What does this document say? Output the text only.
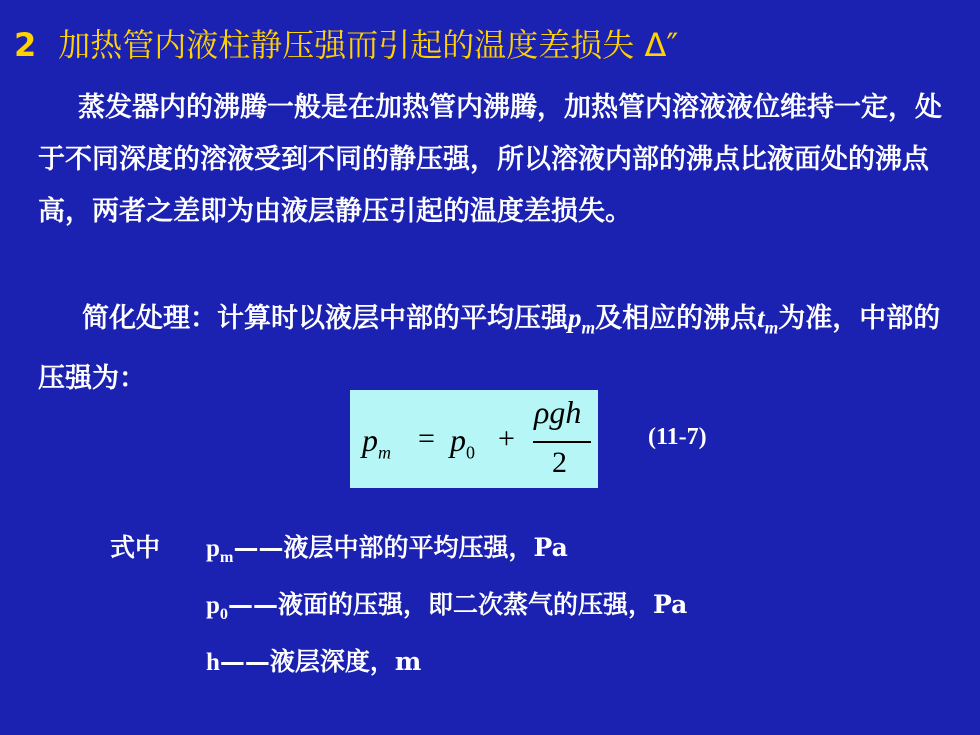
2 加热管内液柱静压强而引起的温度差损失 Δ″
蒸发器内的沸腾一般是在加热管内沸腾，加热管内溶液液位维持一定，处于不同深度的溶液受到不同的静压强，所以溶液内部的沸点比液面处的沸点高，两者之差即为由液层静压引起的温度差损失。
简化处理：计算时以液层中部的平均压强$p_m$及相应的沸点$t_m$为准，中部的压强为：
$p_m = p_0$ +
ρgh
2
(11-7)
式中 $p_m——$液层中部的平均压强，Pa
$p_0——$液面的压强，即二次蒸气的压强，Pa
h——液层深度，m
